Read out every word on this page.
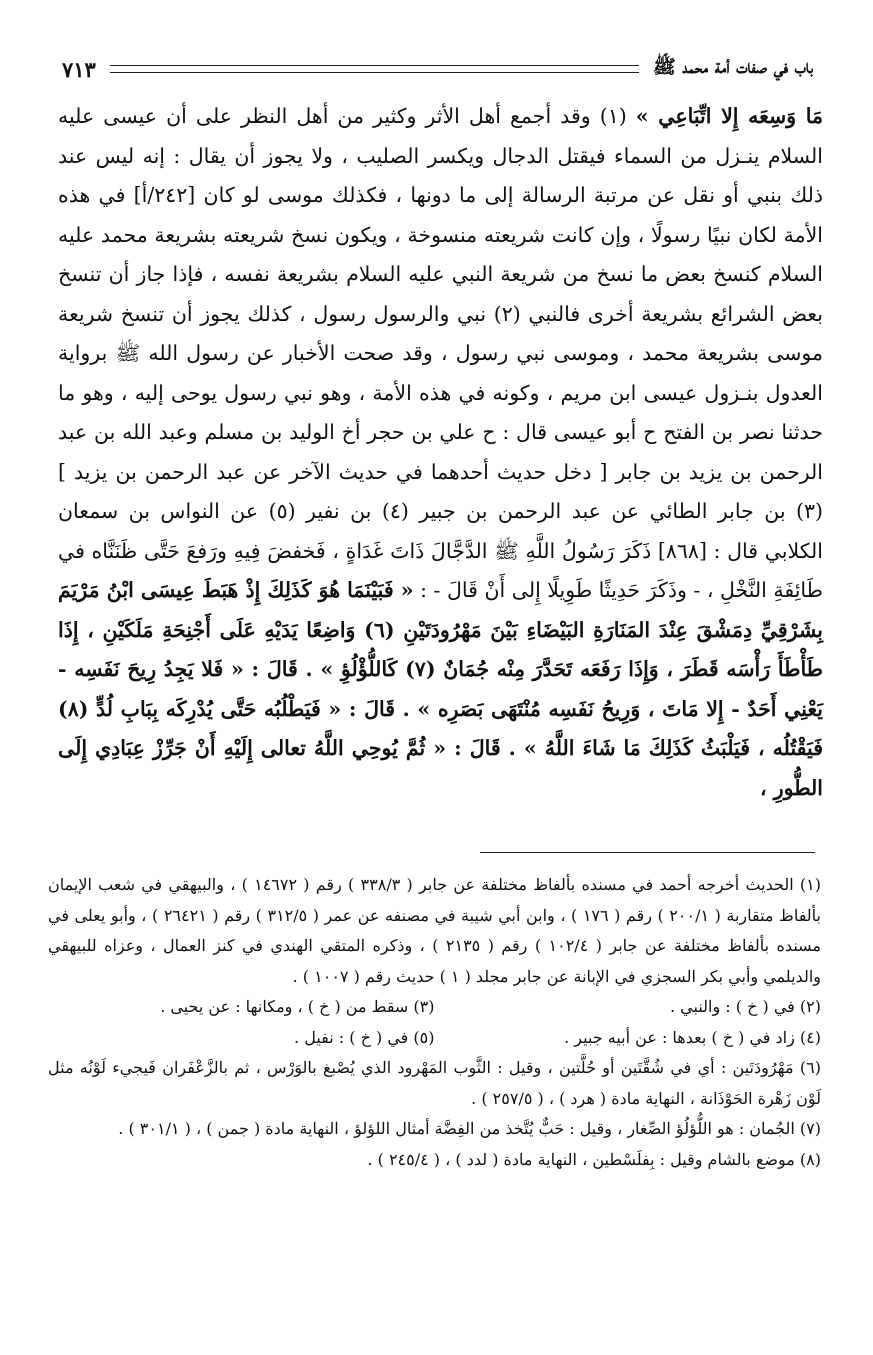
باب في صفات أمة محمد ﷺ
٧١٣

مَا وَسِعَه إِلا اتِّبَاعِي » (١) وقد أجمع أهل الأثر وكثير من أهل النظر على أن عيسى عليه السلام ينـزل من السماء فيقتل الدجال ويكسر الصليب ، ولا يجوز أن يقال : إنه ليس عند ذلك بنبي أو نقل عن مرتبة الرسالة إلى ما دونها ، فكذلك موسى لو كان [٢٤٢/أ] في هذه الأمة لكان نبيًا رسولًا ، وإن كانت شريعته منسوخة ، ويكون نسخ شريعته بشريعة محمد عليه السلام كنسخ بعض ما نسخ من شريعة النبي عليه السلام بشريعة نفسه ، فإذا جاز أن تنسخ بعض الشرائع بشريعة أخرى فالنبي (٢) نبي والرسول رسول ، كذلك يجوز أن تنسخ شريعة موسى بشريعة محمد ، وموسى نبي رسول ، وقد صحت الأخبار عن رسول الله ﷺ برواية العدول بنـزول عيسى ابن مريم ، وكونه في هذه الأمة ، وهو نبي رسول يوحى إليه ، وهو ما حدثنا نصر بن الفتح ح أبو عيسى قال : ح علي بن حجر أخ الوليد بن مسلم وعبد الله بن عبد الرحمن بن يزيد بن جابر [ دخل حديث أحدهما في حديث الآخر عن عبد الرحمن بن يزيد ] (٣) بن جابر الطائي عن عبد الرحمن بن جبير (٤) بن نفير (٥) عن النواس بن سمعان الكلابي قال : [٨٦٨] ذَكَرَ رَسُولُ اللَّهِ ﷺ الدَّجَّالَ ذَاتَ غَدَاةٍ ، فَخفضَ فِيهِ ورَفعَ حَتَّى ظَنَنَّاه في طَائِفَةِ النَّخْلِ ، - وذَكَرَ حَدِيثًا طَوِيلًا إِلى أَنْ قَالَ - : « فَبَيْنَمَا هُوَ كَذَلِكَ إِذْ هَبَطَ عِيسَى ابْنُ مَرْيَمَ بِشَرْقِيِّ دِمَشْقَ عِنْدَ المَنَارَةِ البَيْضَاءِ بَيْنَ مَهْرُودَتَيْنِ (٦) وَاضِعًا يَدَيْهِ عَلَى أَجْنِحَةِ مَلَكَيْنِ ، إِذَا طَأْطَأَ رَأْسَه قَطَرَ ، وَإِذَا رَفَعَه تَحَدَّرَ مِنْه جُمَانٌ (٧) كَاللُّؤْلُؤِ » . قَالَ : « فَلا يَجِدُ رِيحَ نَفَسِه - يَعْنِي أَحَدٌ - إِلا مَاتَ ، وَرِيحُ نَفَسِه مُنْتَهَى بَصَرِه » . قَالَ : « فَيَطْلُبُه حَتَّى يُدْرِكَه بِبَابِ لُدٍّ (٨) فَيَقْتُلُه ، فَيَلْبَثُ كَذَلِكَ مَا شَاءَ اللَّهُ » . قَالَ : « ثُمَّ يُوحِي اللَّهُ تعالى إِلَيْهِ أَنْ جَرِّزْ عِبَادِي إِلَى الطُّورِ ،

(١) الحديث أخرجه أحمد في مسنده بألفاظ مختلفة عن جابر ( ٣٣٨/٣ ) رقم ( ١٤٦٧٢ ) ، والبيهقي في شعب الإيمان بألفاظ متقاربة ( ٢٠٠/١ ) رقم ( ١٧٦ ) ، وابن أبي شيبة في مصنفه عن عمر ( ٣١٢/٥ ) رقم ( ٢٦٤٢١ ) ، وأبو يعلى في مسنده بألفاظ مختلفة عن جابر ( ١٠٢/٤ ) رقم ( ٢١٣٥ ) ، وذكره المتقي الهندي في كنز العمال ، وعزاه للبيهقي والديلمي وأبي بكر السجزي في الإبانة عن جابر مجلد ( ١ ) حديث رقم ( ١٠٠٧ ) .

(٢) في ( خ ) : والنبي .

(٣) سقط من ( خ ) ، ومكانها : عن يحيى .

(٤) زاد في ( خ ) بعدها : عن أبيه جبير .

(٥) في ( خ ) : نفيل .

(٦) مَهْرُودَتَين : أي في شُقَّتَين أو حُلَّتين ، وقيل : الثَّوب المَهْرود الذي يُصْبغ بالوَرْس ، ثم بالزَّعْفَران فَيجيء لَوْنُه مثل لَوْن زَهْرة الحَوْذَانة ، النهاية مادة ( هرد ) ، ( ٢٥٧/٥ ) .

(٧) الجُمان : هو اللُّؤلُؤ الصِّغار ، وقيل : حَبٌّ يُتَّخذ من الفِضَّة أمثال اللؤلؤ ، النهاية مادة ( جمن ) ، ( ٣٠١/١ ) .

(٨) موضع بالشام وقيل : بِفلَسْطين ، النهاية مادة ( لدد ) ، ( ٢٤٥/٤ ) .
